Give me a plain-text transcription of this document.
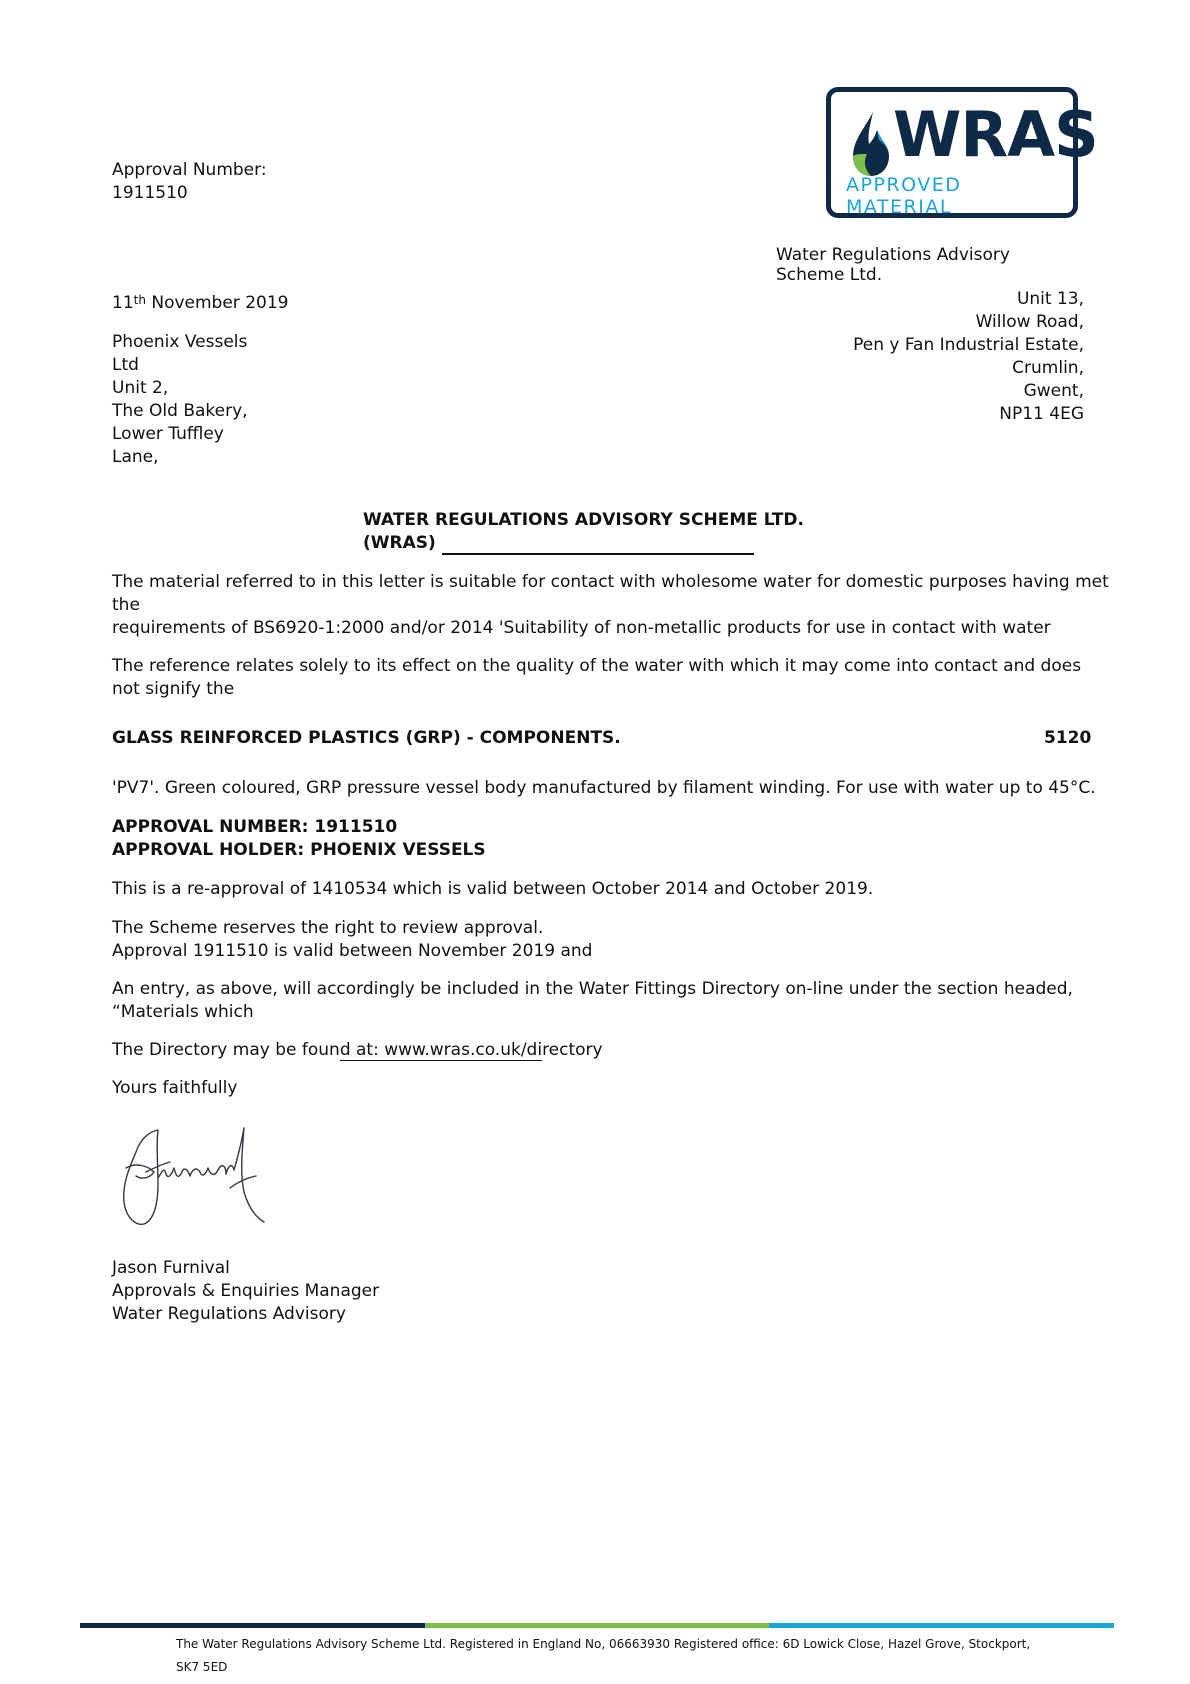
WRAS
APPROVED MATERIAL
Approval Number:
1911510
Water Regulations Advisory
Scheme Ltd.
Unit 13,
Willow Road,
Pen y Fan Industrial Estate,
Crumlin,
Gwent,
NP11 4EG
11th November 2019
Phoenix Vessels
Ltd
Unit 2,
The Old Bakery,
Lower Tuffley
Lane,
WATER REGULATIONS ADVISORY SCHEME LTD.
(WRAS)
The material referred to in this letter is suitable for contact with wholesome water for domestic purposes having met
the
requirements of BS6920-1:2000 and/or 2014 'Suitability of non-metallic products for use in contact with water
The reference relates solely to its effect on the quality of the water with which it may come into contact and does
not signify the
GLASS REINFORCED PLASTICS (GRP) - COMPONENTS.	5120
'PV7'. Green coloured, GRP pressure vessel body manufactured by filament winding. For use with water up to 45°C.
APPROVAL NUMBER: 1911510
APPROVAL HOLDER: PHOENIX VESSELS
This is a re-approval of 1410534 which is valid between October 2014 and October 2019.
The Scheme reserves the right to review approval.
Approval 1911510 is valid between November 2019 and
An entry, as above, will accordingly be included in the Water Fittings Directory on-line under the section headed,
“Materials which
The Directory may be found at: www.wras.co.uk/directory
Yours faithfully
Jason Furnival
Approvals & Enquiries Manager
Water Regulations Advisory
The Water Regulations Advisory Scheme Ltd. Registered in England No, 06663930 Registered office: 6D Lowick Close, Hazel Grove, Stockport,
SK7 5ED
